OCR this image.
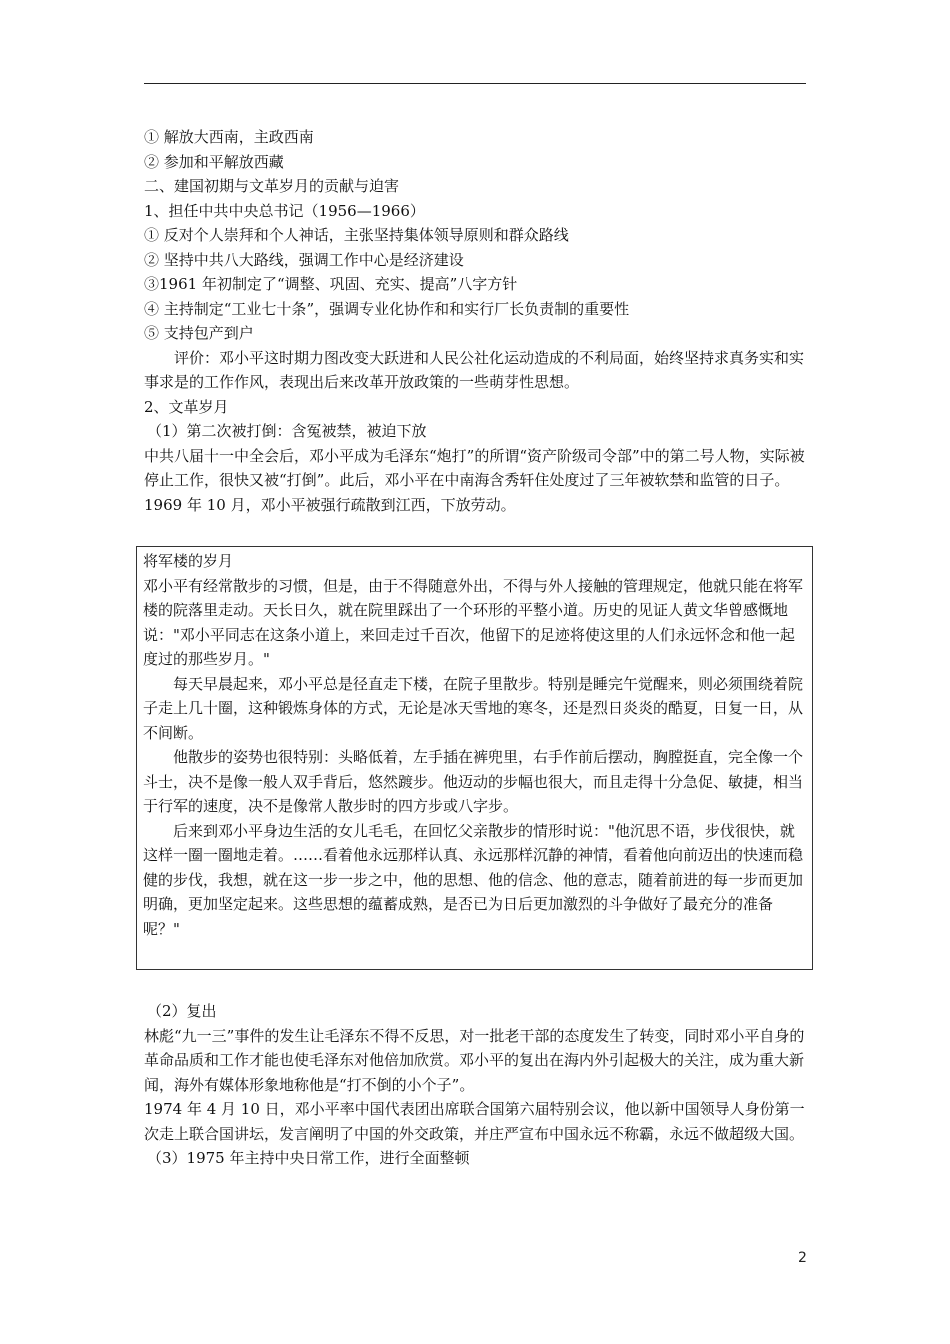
① 解放大西南，主政西南
② 参加和平解放西藏
二、建国初期与文革岁月的贡献与迫害
1、担任中共中央总书记（1956—1966）
① 反对个人崇拜和个人神话，主张坚持集体领导原则和群众路线
② 坚持中共八大路线，强调工作中心是经济建设
③1961 年初制定了“调整、巩固、充实、提高”八字方针
④ 主持制定“工业七十条”，强调专业化协作和和实行厂长负责制的重要性
⑤ 支持包产到户
评价：邓小平这时期力图改变大跃进和人民公社化运动造成的不利局面，始终坚持求真务实和实事求是的工作作风，表现出后来改革开放政策的一些萌芽性思想。
2、文革岁月
（1）第二次被打倒：含冤被禁，被迫下放
中共八届十一中全会后，邓小平成为毛泽东“炮打”的所谓“资产阶级司令部”中的第二号人物，实际被停止工作，很快又被“打倒”。此后，邓小平在中南海含秀轩住处度过了三年被软禁和监管的日子。
1969 年 10 月，邓小平被强行疏散到江西，下放劳动。

将军楼的岁月

邓小平有经常散步的习惯，但是，由于不得随意外出，不得与外人接触的管理规定，他就只能在将军楼的院落里走动。天长日久，就在院里踩出了一个环形的平整小道。历史的见证人黄文华曾感慨地说："邓小平同志在这条小道上，来回走过千百次，他留下的足迹将使这里的人们永远怀念和他一起度过的那些岁月。"

每天早晨起来，邓小平总是径直走下楼，在院子里散步。特别是睡完午觉醒来，则必须围绕着院子走上几十圈，这种锻炼身体的方式，无论是冰天雪地的寒冬，还是烈日炎炎的酷夏，日复一日，从不间断。

他散步的姿势也很特别：头略低着，左手插在裤兜里，右手作前后摆动，胸膛挺直，完全像一个斗士，决不是像一般人双手背后，悠然踱步。他迈动的步幅也很大，而且走得十分急促、敏捷，相当于行军的速度，决不是像常人散步时的四方步或八字步。

后来到邓小平身边生活的女儿毛毛，在回忆父亲散步的情形时说："他沉思不语，步伐很快，就这样一圈一圈地走着。……看着他永远那样认真、永远那样沉静的神情，看着他向前迈出的快速而稳健的步伐，我想，就在这一步一步之中，他的思想、他的信念、他的意志，随着前进的每一步而更加明确，更加坚定起来。这些思想的蕴蓄成熟，是否已为日后更加激烈的斗争做好了最充分的准备呢？"

（2）复出
林彪“九一三”事件的发生让毛泽东不得不反思，对一批老干部的态度发生了转变，同时邓小平自身的革命品质和工作才能也使毛泽东对他倍加欣赏。邓小平的复出在海内外引起极大的关注，成为重大新闻，海外有媒体形象地称他是“打不倒的小个子”。
1974 年 4 月 10 日，邓小平率中国代表团出席联合国第六届特别会议，他以新中国领导人身份第一次走上联合国讲坛，发言阐明了中国的外交政策，并庄严宣布中国永远不称霸，永远不做超级大国。
（3）1975 年主持中央日常工作，进行全面整顿
2
